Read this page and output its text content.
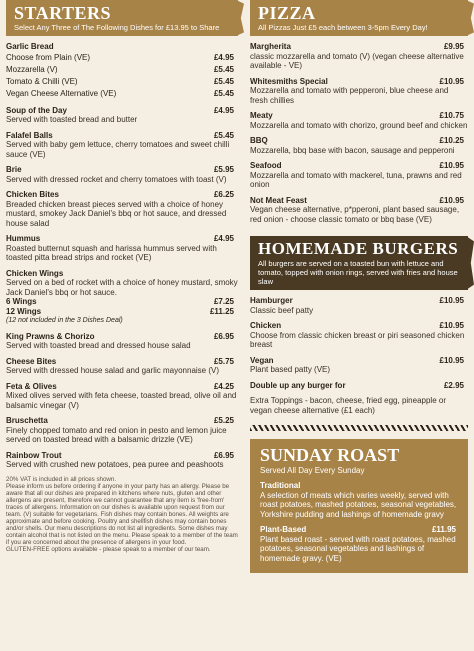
STARTERS
Select Any Three of The Following Dishes for £13.95 to Share
Garlic Bread
Choose from Plain (VE)	£4.95
Mozzarella (V)	£5.45
Tomato & Chilli (VE)	£5.45
Vegan Cheese Alternative (VE)	£5.45
Soup of the Day	£4.95
Served with toasted bread and butter
Falafel Balls	£5.45
Served with baby gem lettuce, cherry tomatoes and sweet chilli sauce (VE)
Brie	£5.95
Served with dressed rocket and cherry tomatoes with toast (V)
Chicken Bites	£6.25
Breaded chicken breast pieces served with a choice of honey mustard, smokey Jack Daniel's bbq or hot sauce, and dressed house salad
Hummus	£4.95
Roasted butternut squash and harissa hummus served with toasted pitta bread strips and rocket (VE)
Chicken Wings
Served on a bed of rocket with a choice of honey mustard, smoky Jack Daniel's bbq or hot sauce.
6 Wings	£7.25
12 Wings	£11.25
(12 not included in the 3 Dishes Deal)
King Prawns & Chorizo	£6.95
Served with toasted bread and dressed house salad
Cheese Bites	£5.75
Served with dressed house salad and garlic mayonnaise (V)
Feta & Olives	£4.25
Mixed olives served with feta cheese, toasted bread, olive oil and balsamic vinegar (V)
Bruschetta	£5.25
Finely chopped tomato and red onion in pesto and lemon juice served on toasted bread with a balsamic drizzle (VE)
Rainbow Trout	£6.95
Served with crushed new potatoes, pea puree and peashoots
20% VAT is included in all prices shown.
Please inform us before ordering if anyone in your party has an allergy. Please be aware that all our dishes are prepared in kitchens where nuts, gluten and other allergens are present, therefore we cannot guarantee that any item is 'free-from' traces of allergens. Information on our dishes is available upon request from our team. (V) suitable for vegetarians. Fish dishes may contain bones. All weights are approximate and before cooking. Poultry and shellfish dishes may contain bones and/or shells. Our menu descriptions do not list all ingredients. Some dishes may contain alcohol that is not listed on the menu. Please speak to a member of the team if you are concerned about the presence of allergens in your food.
GLUTEN-FREE options available - please speak to a member of our team.
PIZZA
All Pizzas Just £5 each between 3-5pm Every Day!
Margherita	£9.95
classic mozzarella and tomato (V) (vegan cheese alternative available - VE)
Whitesmiths Special	£10.95
Mozzarella and tomato with pepperoni, blue cheese and fresh chillies
Meaty	£10.75
Mozzarella and tomato with chorizo, ground beef and chicken
BBQ	£10.25
Mozzarella, bbq base with bacon, sausage and pepperoni
Seafood	£10.95
Mozzarella and tomato with mackerel, tuna, prawns and red onion
Not Meat Feast	£10.95
Vegan cheese alternative, p*pperoni, plant based sausage, red onion - choose classic tomato or bbq base (VE)
HOMEMADE BURGERS
All burgers are served on a toasted bun with lettuce and tomato, topped with onion rings, served with fries and house slaw
Hamburger	£10.95
Classic beef patty
Chicken	£10.95
Choose from classic chicken breast or piri seasoned chicken breast
Vegan	£10.95
Plant based patty (VE)
Double up any burger for	£2.95
Extra Toppings - bacon, cheese, fried egg, pineapple or vegan cheese alternative (£1 each)
SUNDAY ROAST
Served All Day Every Sunday
Traditional
A selection of meats which varies weekly, served with roast potatoes, mashed potatoes, seasonal vegetables, Yorkshire pudding and lashings of homemade gravy
Plant-Based	£11.95
Plant based roast - served with roast potatoes, mashed potatoes, seasonal vegetables and lashings of homemade gravy. (VE)
